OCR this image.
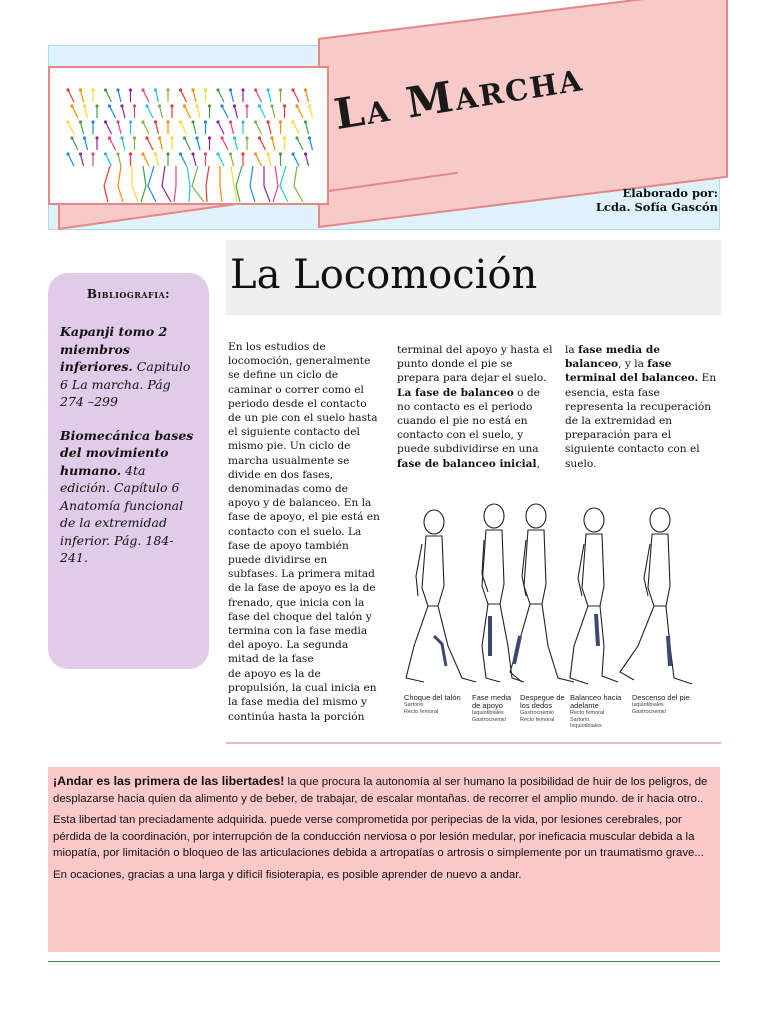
La Marcha
Elaborado por:
Lcda. Sofía Gascón
La Locomoción
Bibliografia:
Kapanji tomo 2 miembros inferiores. Capitulo 6 La marcha. Pág 274 –299
Biomecánica bases del movimiento humano. 4ta edición. Capítulo 6 Anatomía funcional de la extremidad inferior. Pág. 184-241.
En los estudios de locomoción, generalmente se define un ciclo de caminar o correr como el periodo desde el contacto de un pie con el suelo hasta el siguiente contacto del mismo pie. Un ciclo de marcha usualmente se divide en dos fases, denominadas como de apoyo y de balanceo. En la fase de apoyo, el pie está en contacto con el suelo. La fase de apoyo también puede dividirse en subfases. La primera mitad de la fase de apoyo es la de frenado, que inicia con la fase del choque del talón y termina con la fase media del apoyo. La segunda mitad de la fase
de apoyo es la de propulsión, la cual inicia en la fase media del mismo y continúa hasta la porción
terminal del apoyo y hasta el punto donde el pie se prepara para dejar el suelo. La fase de balanceo o de no contacto es el periodo cuando el pie no está en contacto con el suelo, y puede subdividirse en una fase de balanceo inicial,
la fase media de balanceo, y la fase terminal del balanceo. En esencia, esta fase representa la recuperación de la extremidad en preparación para el siguiente contacto con el suelo.
Choque del talón
Sartorio
Recto femoral
Fase media de apoyo
Isquiotibiales
Gastrocnemio
Despegue de los dedos
Gastrocnemio
Recto femoral
Balanceo hacia adelante
Recto femoral
Sartorio
Isquiotibiales
Descenso del pie
Isquiotibiales
Gastrocnemio

¡Andar es las primera de las libertades! la que procura la autonomía al ser humano la posibilidad de huir de los peligros, de desplazarse hacia quien da alimento y de beber, de trabajar, de escalar montañas. de recorrer el amplio mundo. de ir hacia otro..

Esta libertad tan preciadamente adquirida. puede verse comprometida por peripecias de la vida, por lesiones cerebrales, por pérdida de la coordinación, por interrupción de la conducción nerviosa o por lesión medular, por ineficacia muscular debida a la miopatía, por limitación o bloqueo de las articulaciones debida a artropatías o artrosis o simplemente por un traumatismo grave...

En ocaciones, gracias a una larga y difícil fisioterapia, es posible aprender de nuevo a andar.
